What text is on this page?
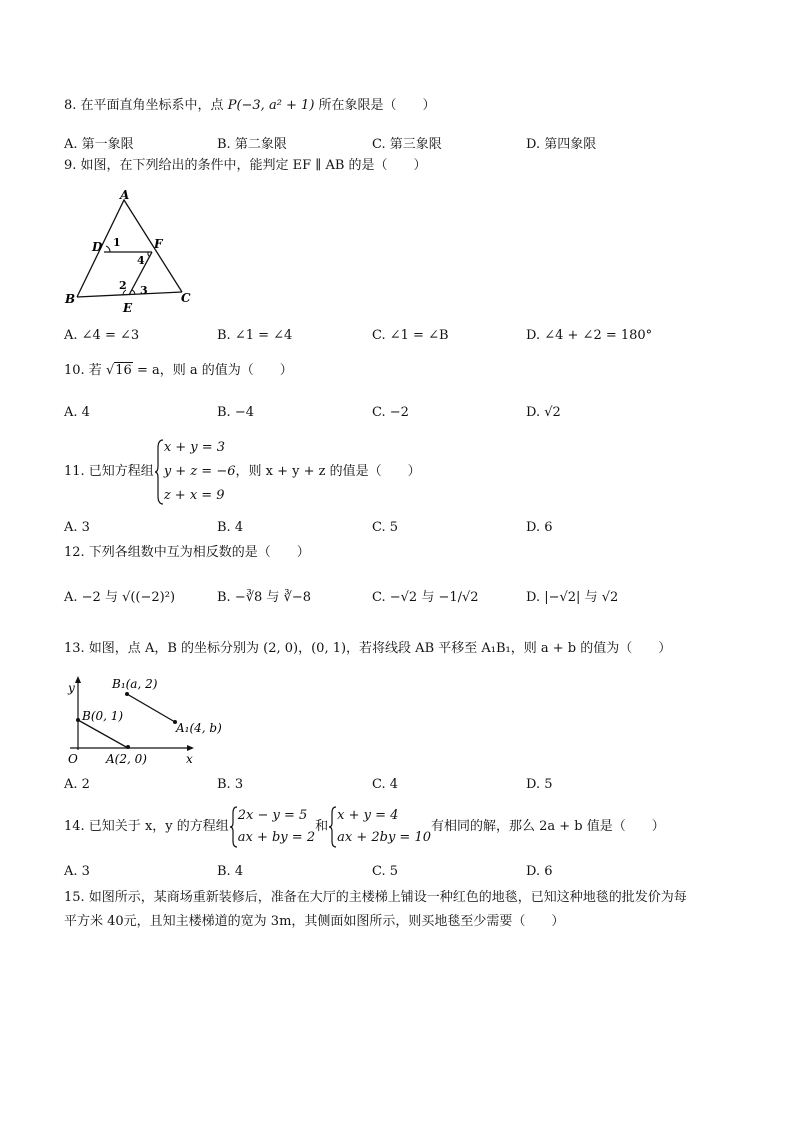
8. 在平面直角坐标系中，点 P(−3, a² + 1) 所在象限是（　　）
A. 第一象限	B. 第二象限	C. 第三象限	D. 第四象限
9. 如图，在下列给出的条件中，能判定 EF ∥ AB 的是（　　）
A
D 1	F
4
B
2 3
C
E
A. ∠4 = ∠3	B. ∠1 = ∠4	C. ∠1 = ∠B	D. ∠4 + ∠2 = 180°
10. 若 √16 = a，则 a 的值为（　　）
A. 4	B. −4	C. −2	D. √2
11. 已知方程组
x + y = 3
y + z = −6
z + x = 9
，则 x + y + z 的值是（　　）
A. 3	B. 4	C. 5	D. 6
12. 下列各组数中互为相反数的是（　　）
A. −2 与 √((−2)²)	B. −∛8 与 ∛−8	C. −√2 与 −1/√2	D. |−√2| 与 √2
13. 如图，点 A，B 的坐标分别为 (2, 0)，(0, 1)，若将线段 AB 平移至 A₁B₁，则 a + b 的值为（　　）
y	B₁(a, 2)
B(0, 1)
A₁(4, b)
O A(2, 0)	x
A. 2	B. 3	C. 4	D. 5
14. 已知关于 x，y 的方程组
2x − y = 5
ax + by = 2
和
x + y = 4
ax + 2by = 10
有相同的解，那么 2a + b 值是（　　）
A. 3	B. 4	C. 5	D. 6
15. 如图所示，某商场重新装修后，准备在大厅的主楼梯上铺设一种红色的地毯，已知这种地毯的批发价为每
平方米 40元，且知主楼梯道的宽为 3m，其侧面如图所示，则买地毯至少需要（　　）
